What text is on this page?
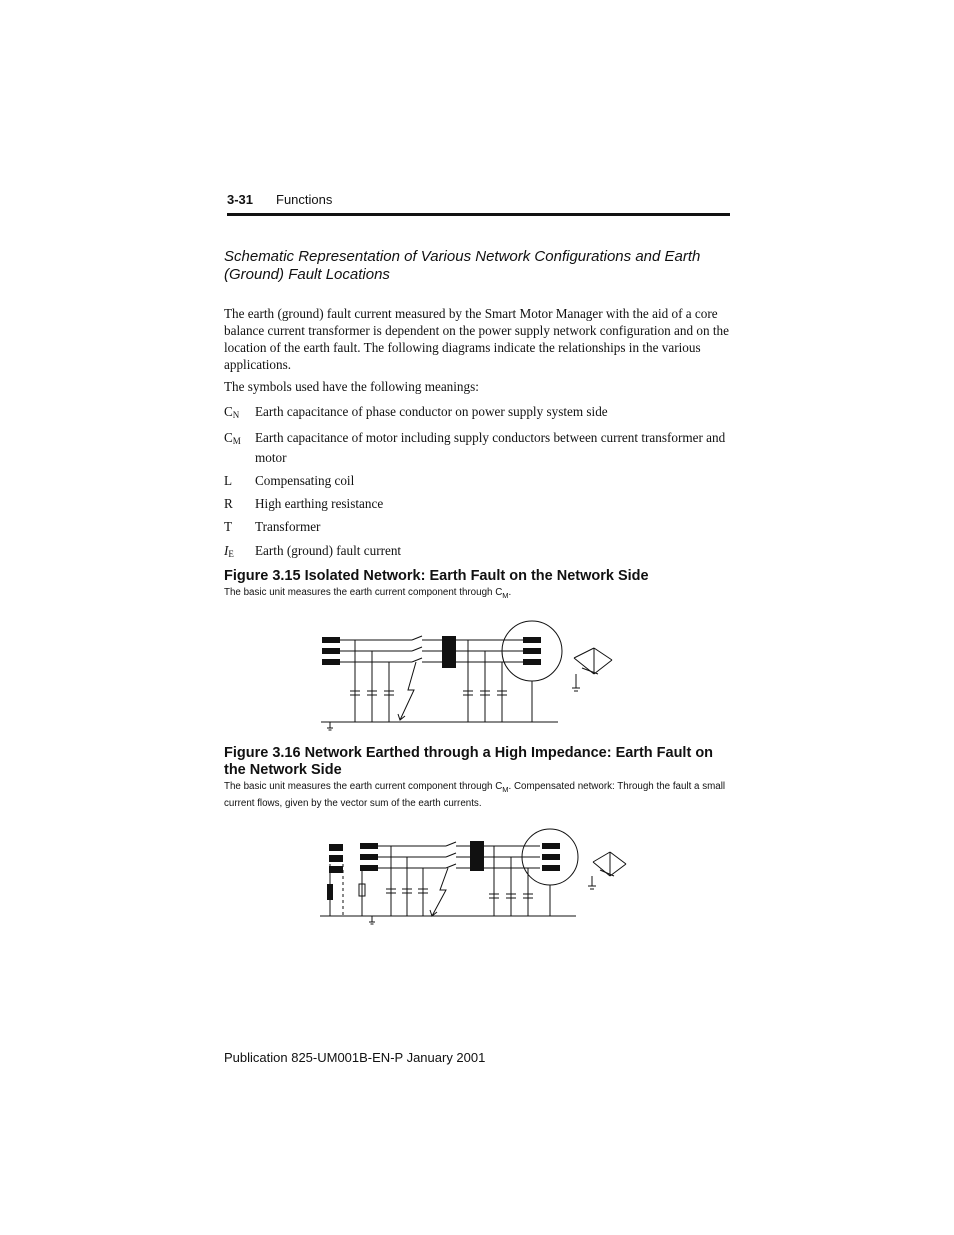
3-31 Functions
Schematic Representation of Various Network Configurations and Earth (Ground) Fault Locations
The earth (ground) fault current measured by the Smart Motor Manager with the aid of a core balance current transformer is dependent on the power supply network configuration and on the location of the earth fault. The following diagrams indicate the relationships in the various applications.
The symbols used have the following meanings:
$C_N$	Earth capacitance of phase conductor on power supply system side
$C_M$	Earth capacitance of motor including supply conductors between current transformer and motor
L	Compensating coil
R	High earthing resistance
T	Transformer
$I_E$	Earth (ground) fault current
Figure 3.15 Isolated Network: Earth Fault on the Network Side
The basic unit measures the earth current component through $C_M$.
Figure 3.16 Network Earthed through a High Impedance: Earth Fault on the Network Side
The basic unit measures the earth current component through $C_M$. Compensated network: Through the fault a small current flows, given by the vector sum of the earth currents.
Publication 825-UM001B-EN-P January 2001
